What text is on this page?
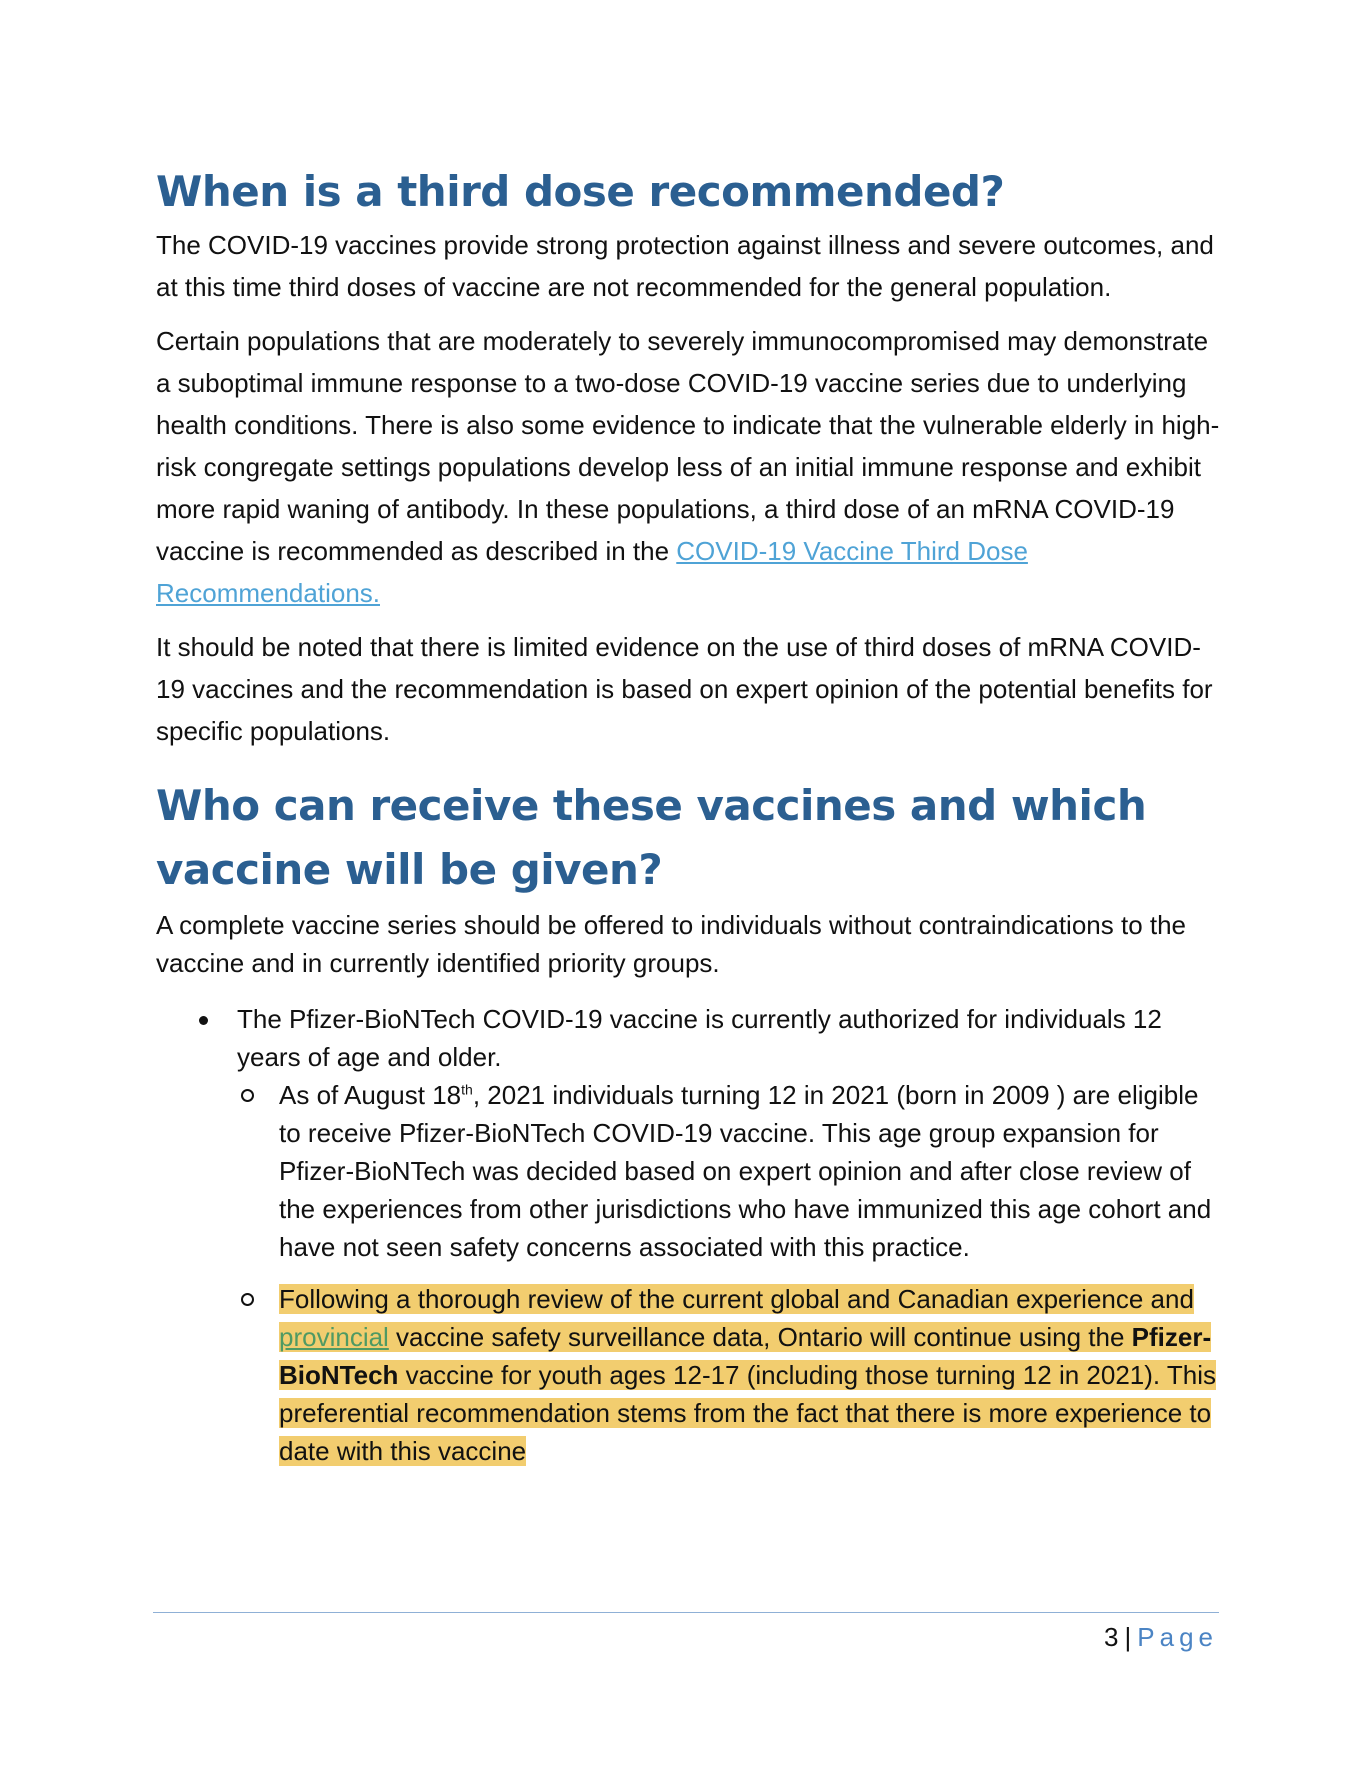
When is a third dose recommended?

The COVID-19 vaccines provide strong protection against illness and severe outcomes, and at this time third doses of vaccine are not recommended for the general population.

Certain populations that are moderately to severely immunocompromised may demonstrate a suboptimal immune response to a two-dose COVID-19 vaccine series due to underlying health conditions. There is also some evidence to indicate that the vulnerable elderly in high-risk congregate settings populations develop less of an initial immune response and exhibit more rapid waning of antibody. In these populations, a third dose of an mRNA COVID-19 vaccine is recommended as described in the COVID-19 Vaccine Third Dose Recommendations.

It should be noted that there is limited evidence on the use of third doses of mRNA COVID-19 vaccines and the recommendation is based on expert opinion of the potential benefits for specific populations.

Who can receive these vaccines and which vaccine will be given?

A complete vaccine series should be offered to individuals without contraindications to the vaccine and in currently identified priority groups.

The Pfizer-BioNTech COVID-19 vaccine is currently authorized for individuals 12 years of age and older.
As of August 18th, 2021 individuals turning 12 in 2021 (born in 2009 ) are eligible to receive Pfizer-BioNTech COVID-19 vaccine. This age group expansion for Pfizer-BioNTech was decided based on expert opinion and after close review of the experiences from other jurisdictions who have immunized this age cohort and have not seen safety concerns associated with this practice.
Following a thorough review of the current global and Canadian experience and provincial vaccine safety surveillance data, Ontario will continue using the Pfizer-BioNTech vaccine for youth ages 12-17 (including those turning 12 in 2021). This preferential recommendation stems from the fact that there is more experience to date with this vaccine
3 | Page
